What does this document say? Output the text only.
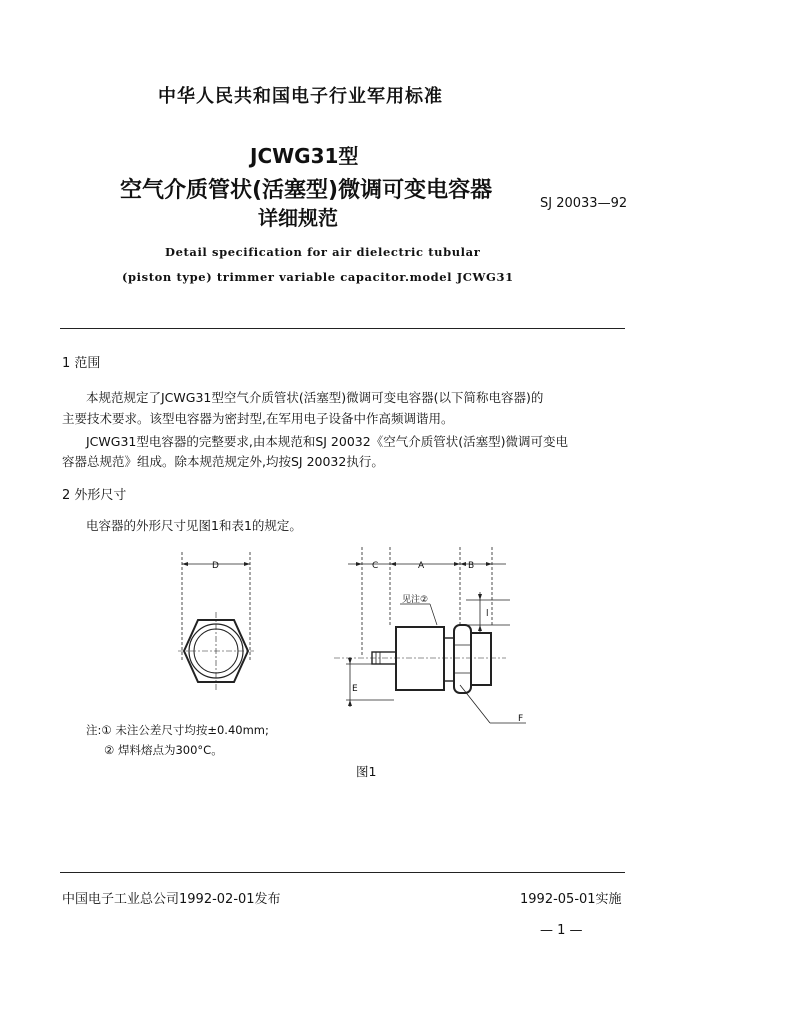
中华人民共和国电子行业军用标准
JCWG31型
空气介质管状(活塞型)微调可变电容器
详细规范
SJ 20033—92
Detail specification for air dielectric tubular
(piston type) trimmer variable capacitor.model JCWG31
1 范围
本规范规定了JCWG31型空气介质管状(活塞型)微调可变电容器(以下简称电容器)的
主要技术要求。该型电容器为密封型,在军用电子设备中作高频调谐用。
JCWG31型电容器的完整要求,由本规范和SJ 20032《空气介质管状(活塞型)微调可变电
容器总规范》组成。除本规范规定外,均按SJ 20032执行。
2 外形尺寸
电容器的外形尺寸见图1和表1的规定。
D	C	A	B
l
见注②
E
F
注:① 未注公差尺寸均按±0.40mm;
② 焊料熔点为300°C。
图1
中国电子工业总公司1992-02-01发布	1992-05-01实施
— 1 —
